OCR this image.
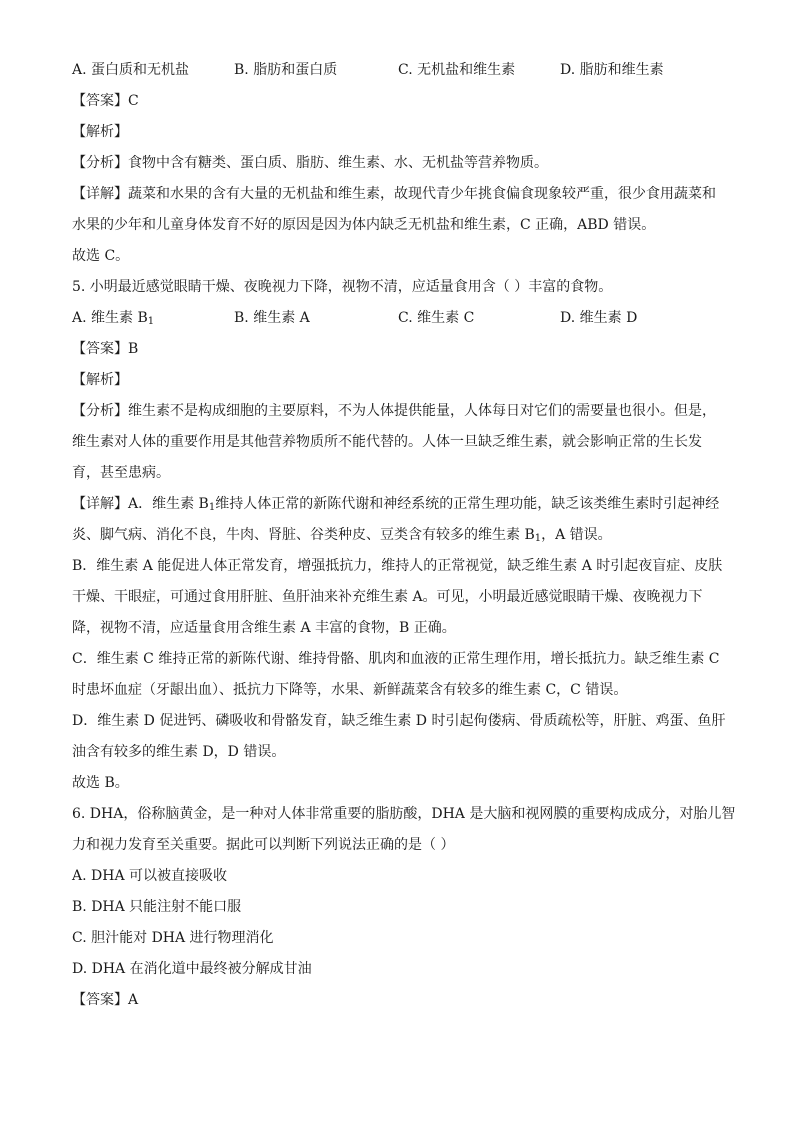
A. 蛋白质和无机盐	B. 脂肪和蛋白质	C. 无机盐和维生素	D. 脂肪和维生素
【答案】C
【解析】
【分析】食物中含有糖类、蛋白质、脂肪、维生素、水、无机盐等营养物质。
【详解】蔬菜和水果的含有大量的无机盐和维生素，故现代青少年挑食偏食现象较严重，很少食用蔬菜和
水果的少年和儿童身体发育不好的原因是因为体内缺乏无机盐和维生素，C 正确，ABD 错误。
故选 C。
5. 小明最近感觉眼睛干燥、夜晚视力下降，视物不清，应适量食用含（ ）丰富的食物。
A. 维生素 $B_1$	B. 维生素 A	C. 维生素 C	D. 维生素 D
【答案】B
【解析】
【分析】维生素不是构成细胞的主要原料，不为人体提供能量，人体每日对它们的需要量也很小。但是，
维生素对人体的重要作用是其他营养物质所不能代替的。人体一旦缺乏维生素，就会影响正常的生长发
育，甚至患病。
【详解】A．维生素 $B_1$维持人体正常的新陈代谢和神经系统的正常生理功能，缺乏该类维生素时引起神经
炎、脚气病、消化不良，牛肉、肾脏、谷类种皮、豆类含有较多的维生素 $B_1$，A 错误。
B．维生素 A 能促进人体正常发育，增强抵抗力，维持人的正常视觉，缺乏维生素 A 时引起夜盲症、皮肤
干燥、干眼症，可通过食用肝脏、鱼肝油来补充维生素 A。可见，小明最近感觉眼睛干燥、夜晚视力下
降，视物不清，应适量食用含维生素 A 丰富的食物，B 正确。
C．维生素 C 维持正常的新陈代谢、维持骨骼、肌肉和血液的正常生理作用，增长抵抗力。缺乏维生素 C
时患坏血症（牙龈出血）、抵抗力下降等，水果、新鲜蔬菜含有较多的维生素 C，C 错误。
D．维生素 D 促进钙、磷吸收和骨骼发育，缺乏维生素 D 时引起佝偻病、骨质疏松等，肝脏、鸡蛋、鱼肝
油含有较多的维生素 D，D 错误。
故选 B。
6. DHA，俗称脑黄金，是一种对人体非常重要的脂肪酸，DHA 是大脑和视网膜的重要构成成分，对胎儿智
力和视力发育至关重要。据此可以判断下列说法正确的是（ ）
A. DHA 可以被直接吸收
B. DHA 只能注射不能口服
C. 胆汁能对 DHA 进行物理消化
D. DHA 在消化道中最终被分解成甘油
【答案】A
